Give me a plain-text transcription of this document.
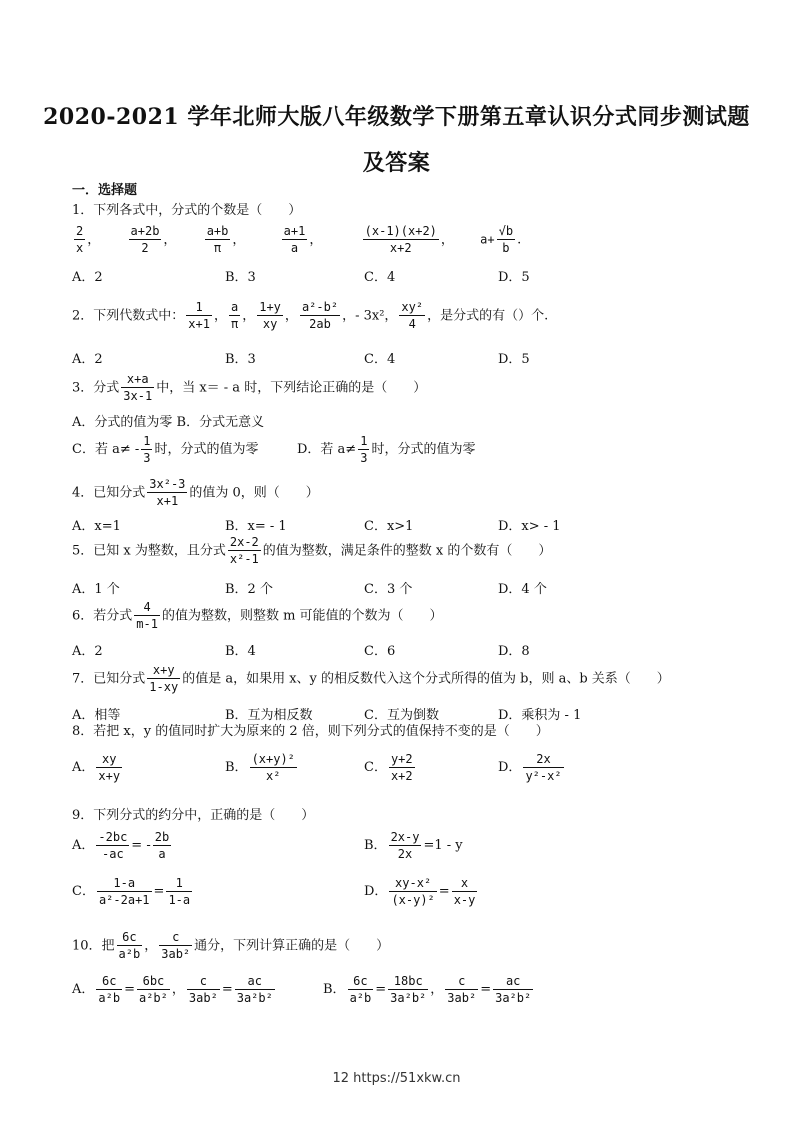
2020-2021 学年北师大版八年级数学下册第五章认识分式同步测试题
及答案
一．选择题
1．下列各式中，分式的个数是（　　）
$\frac{2}{x}$ ， $\frac{a+2b}{2}$ ， $\frac{a+b}{\pi}$ ，	$\frac{a+1}{a}$ ，	$\frac{(x-1)(x+2)}{x+2}$ ，  $a+ \frac{√b}{b}$ .
A．2	B．3	C．4	D．5
2．下列代数式中： $\frac{1}{x+1}$ ， $\frac{a}{\pi}$ ， $\frac{1+y}{xy}$ ， $\frac{\text{a²-b²}}{2ab}$ ，- 3x²， $\frac{\text{xy²}}{4}$ ，是分式的有（）个.
A．2	B．3	C．4	D．5
3．分式 $\frac{x+a}{3x-1}$ 中，当 x＝ - a 时，下列结论正确的是（　　）
A．分式的值为零 B．分式无意义
C．若 $a\ne - \frac{1}{3}$ 时，分式的值为零	D．若 $a\ne \frac{1}{3}$ 时，分式的值为零
4．已知分式 $\frac{\text{3x²-3}}{x+1}$ 的值为 0，则（　　）
A．x=1	B．x= - 1	C．x>1	D．x> - 1
5．已知 x 为整数，且分式 $\frac{2x-2}{\text{x²-1}}$ 的值为整数，满足条件的整数 x 的个数有（　　）
A．1 个	B．2 个	C．3 个	D．4 个
6．若分式 $\frac{4}{m-1}$ 的值为整数，则整数 m 可能值的个数为（　　）
A．2	B．4	C．6	D．8
7．已知分式 $\frac{x+y}{1-xy}$ 的值是 a，如果用 x、y 的相反数代入这个分式所得的值为 b，则 a、b 关系（　　）
A．相等	B．互为相反数	C．互为倒数	D．乘积为 - 1
8．若把 x，y 的值同时扩大为原来的 2 倍，则下列分式的值保持不变的是（　　）
A． $\frac{xy}{x+y}$	B． $\frac{\text{(x+y)²}}{\text{x²}}$	C． $\frac{y+2}{x+2}$	D． $\frac{2x}{\text{y²-x²}}$
9．下列分式的约分中，正确的是（　　）
A． $\frac{-2bc}{-ac}$ = - $\frac{2b}{a}$	B． $\frac{2x-y}{2x} =1 - y$
C． $\frac{1-a}{\text{a²-2a+1}} = \frac{1}{1-a}$	D． $\frac{\text{xy-x²}}{\text{(x-y)²}} = \frac{x}{x-y}$
10．把 $\frac{6c}{\text{a²b}}$ ， $\frac{c}{\text{3ab²}}$ 通分，下列计算正确的是（　　）
A． $\frac{6c}{\text{a²b}} = \frac{6bc}{\text{a²b²}}$ ， $\frac{c}{\text{3ab²}} = \frac{ac}{\text{3a²b²}}$	B． $\frac{6c}{\text{a²b}} = \frac{18bc}{\text{3a²b²}}$ ， $\frac{c}{\text{3ab²}} = \frac{ac}{\text{3a²b²}}$
12 https://51xkw.cn
